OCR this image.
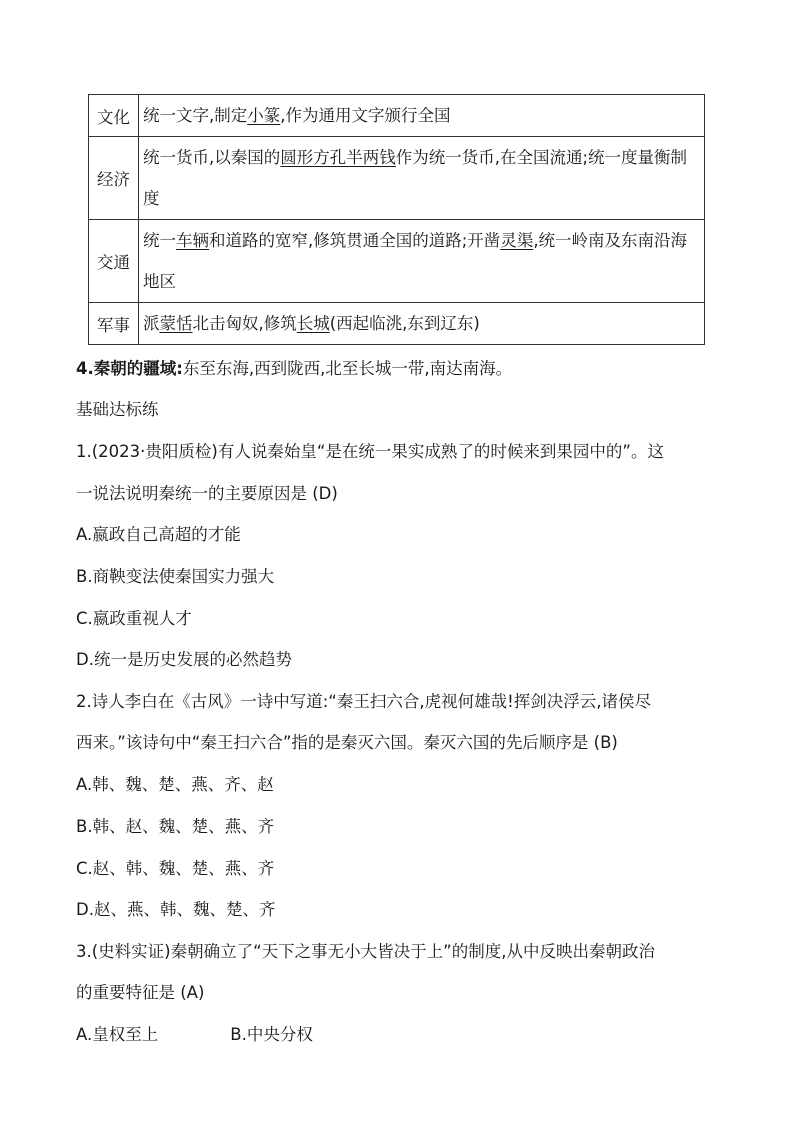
文化	统一文字,制定小篆,作为通用文字颁行全国
经济	统一货币,以秦国的圆形方孔半两钱作为统一货币,在全国流通;统一度量衡制度
交通	统一车辆和道路的宽窄,修筑贯通全国的道路;开凿灵渠,统一岭南及东南沿海地区
军事	派蒙恬北击匈奴,修筑长城(西起临洮,东到辽东)
4.秦朝的疆域:东至东海,西到陇西,北至长城一带,南达南海。
基础达标练
1.(2023·贵阳质检)有人说秦始皇“是在统一果实成熟了的时候来到果园中的”。这
一说法说明秦统一的主要原因是 (D)
A.嬴政自己高超的才能
B.商鞅变法使秦国实力强大
C.嬴政重视人才
D.统一是历史发展的必然趋势
2.诗人李白在《古风》一诗中写道:“秦王扫六合,虎视何雄哉!挥剑决浮云,诸侯尽
西来。”该诗句中“秦王扫六合”指的是秦灭六国。秦灭六国的先后顺序是 (B)
A.韩、魏、楚、燕、齐、赵
B.韩、赵、魏、楚、燕、齐
C.赵、韩、魏、楚、燕、齐
D.赵、燕、韩、魏、楚、齐
3.(史料实证)秦朝确立了“天下之事无小大皆决于上”的制度,从中反映出秦朝政治
的重要特征是 (A)
A.皇权至上	B.中央分权
